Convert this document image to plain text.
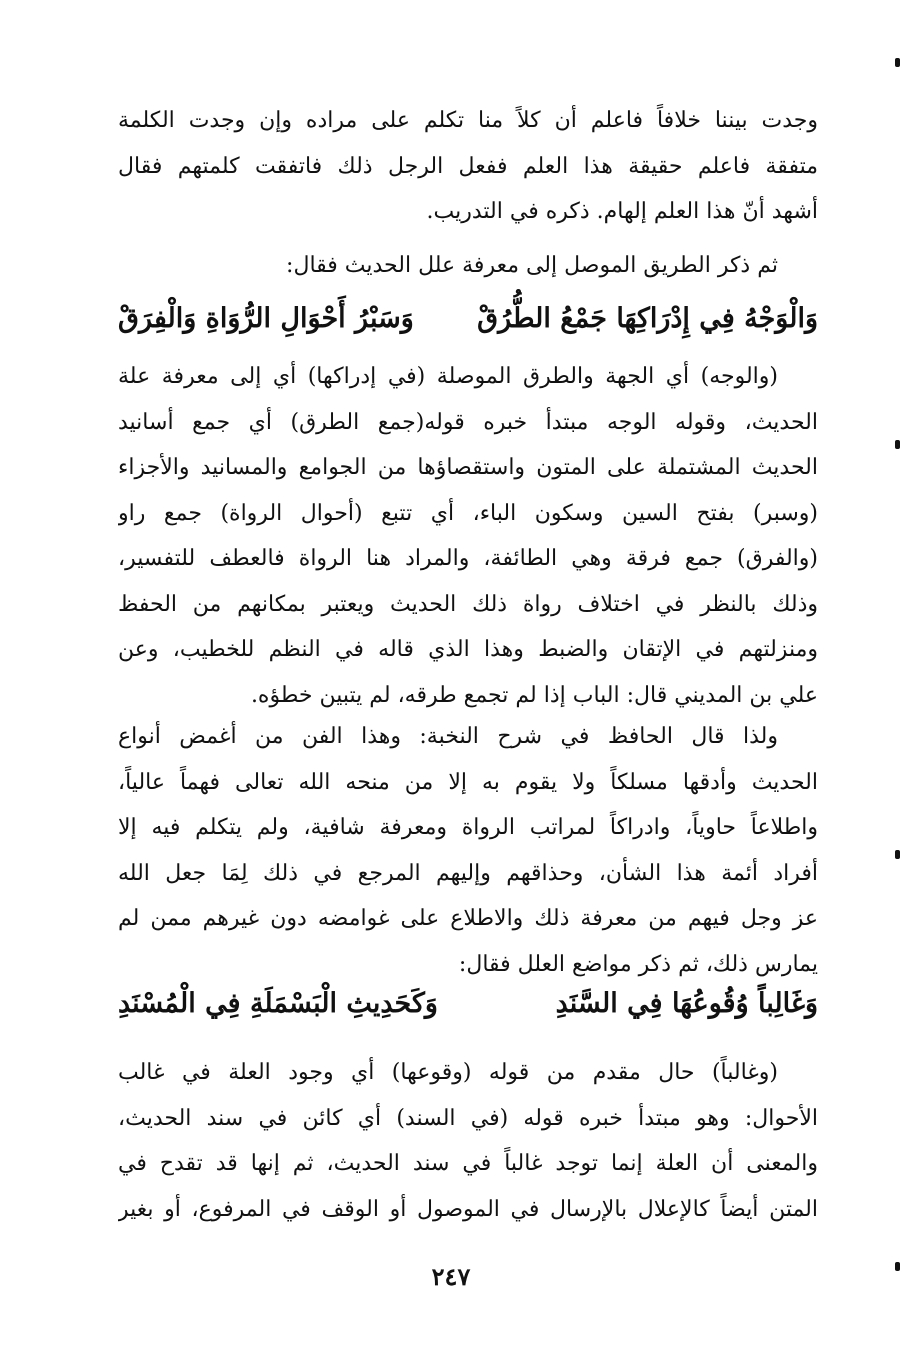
وجدت بيننا خلافاً فاعلم أن كلاً منا تكلم على مراده وإن وجدت الكلمة
متفقة فاعلم حقيقة هذا العلم ففعل الرجل ذلك فاتفقت كلمتهم فقال
أشهد أنّ هذا العلم إلهام. ذكره في التدريب.
ثم ذكر الطريق الموصل إلى معرفة علل الحديث فقال:
وَالْوَجْهُ فِي إِدْرَاكِهَا جَمْعُ الطُّرُقْ
وَسَبْرُ أَحْوَالِ الرُّوَاةِ وَالْفِرَقْ
(والوجه) أي الجهة والطرق الموصلة (في إدراكها) أي إلى معرفة علة
الحديث، وقوله الوجه مبتدأ خبره قوله(جمع الطرق) أي جمع أسانيد
الحديث المشتملة على المتون واستقصاؤها من الجوامع والمسانيد والأجزاء
(وسبر) بفتح السين وسكون الباء، أي تتبع (أحوال الرواة) جمع راو
(والفرق) جمع فرقة وهي الطائفة، والمراد هنا الرواة فالعطف للتفسير،
وذلك بالنظر في اختلاف رواة ذلك الحديث ويعتبر بمكانهم من الحفظ
ومنزلتهم في الإتقان والضبط وهذا الذي قاله في النظم للخطيب، وعن
علي بن المديني قال: الباب إذا لم تجمع طرقه، لم يتبين خطؤه.
ولذا قال الحافظ في شرح النخبة: وهذا الفن من أغمض أنواع
الحديث وأدقها مسلكاً ولا يقوم به إلا من منحه الله تعالى فهماً عالياً،
واطلاعاً حاوياً، وادراكاً لمراتب الرواة ومعرفة شافية، ولم يتكلم فيه إلا
أفراد أئمة هذا الشأن، وحذاقهم وإليهم المرجع في ذلك لِمَا جعل الله
عز وجل فيهم من معرفة ذلك والاطلاع على غوامضه دون غيرهم ممن لم
يمارس ذلك، ثم ذكر مواضع العلل فقال:
وَغَالِباً وُقُوعُهَا فِي السَّنَدِ
وَكَحَدِيثِ الْبَسْمَلَةِ فِي الْمُسْنَدِ
(وغالباً) حال مقدم من قوله (وقوعها) أي وجود العلة في غالب
الأحوال: وهو مبتدأ خبره قوله (في السند) أي كائن في سند الحديث،
والمعنى أن العلة إنما توجد غالباً في سند الحديث، ثم إنها قد تقدح في
المتن أيضاً كالإعلال بالإرسال في الموصول أو الوقف في المرفوع، أو بغير
٢٤٧
